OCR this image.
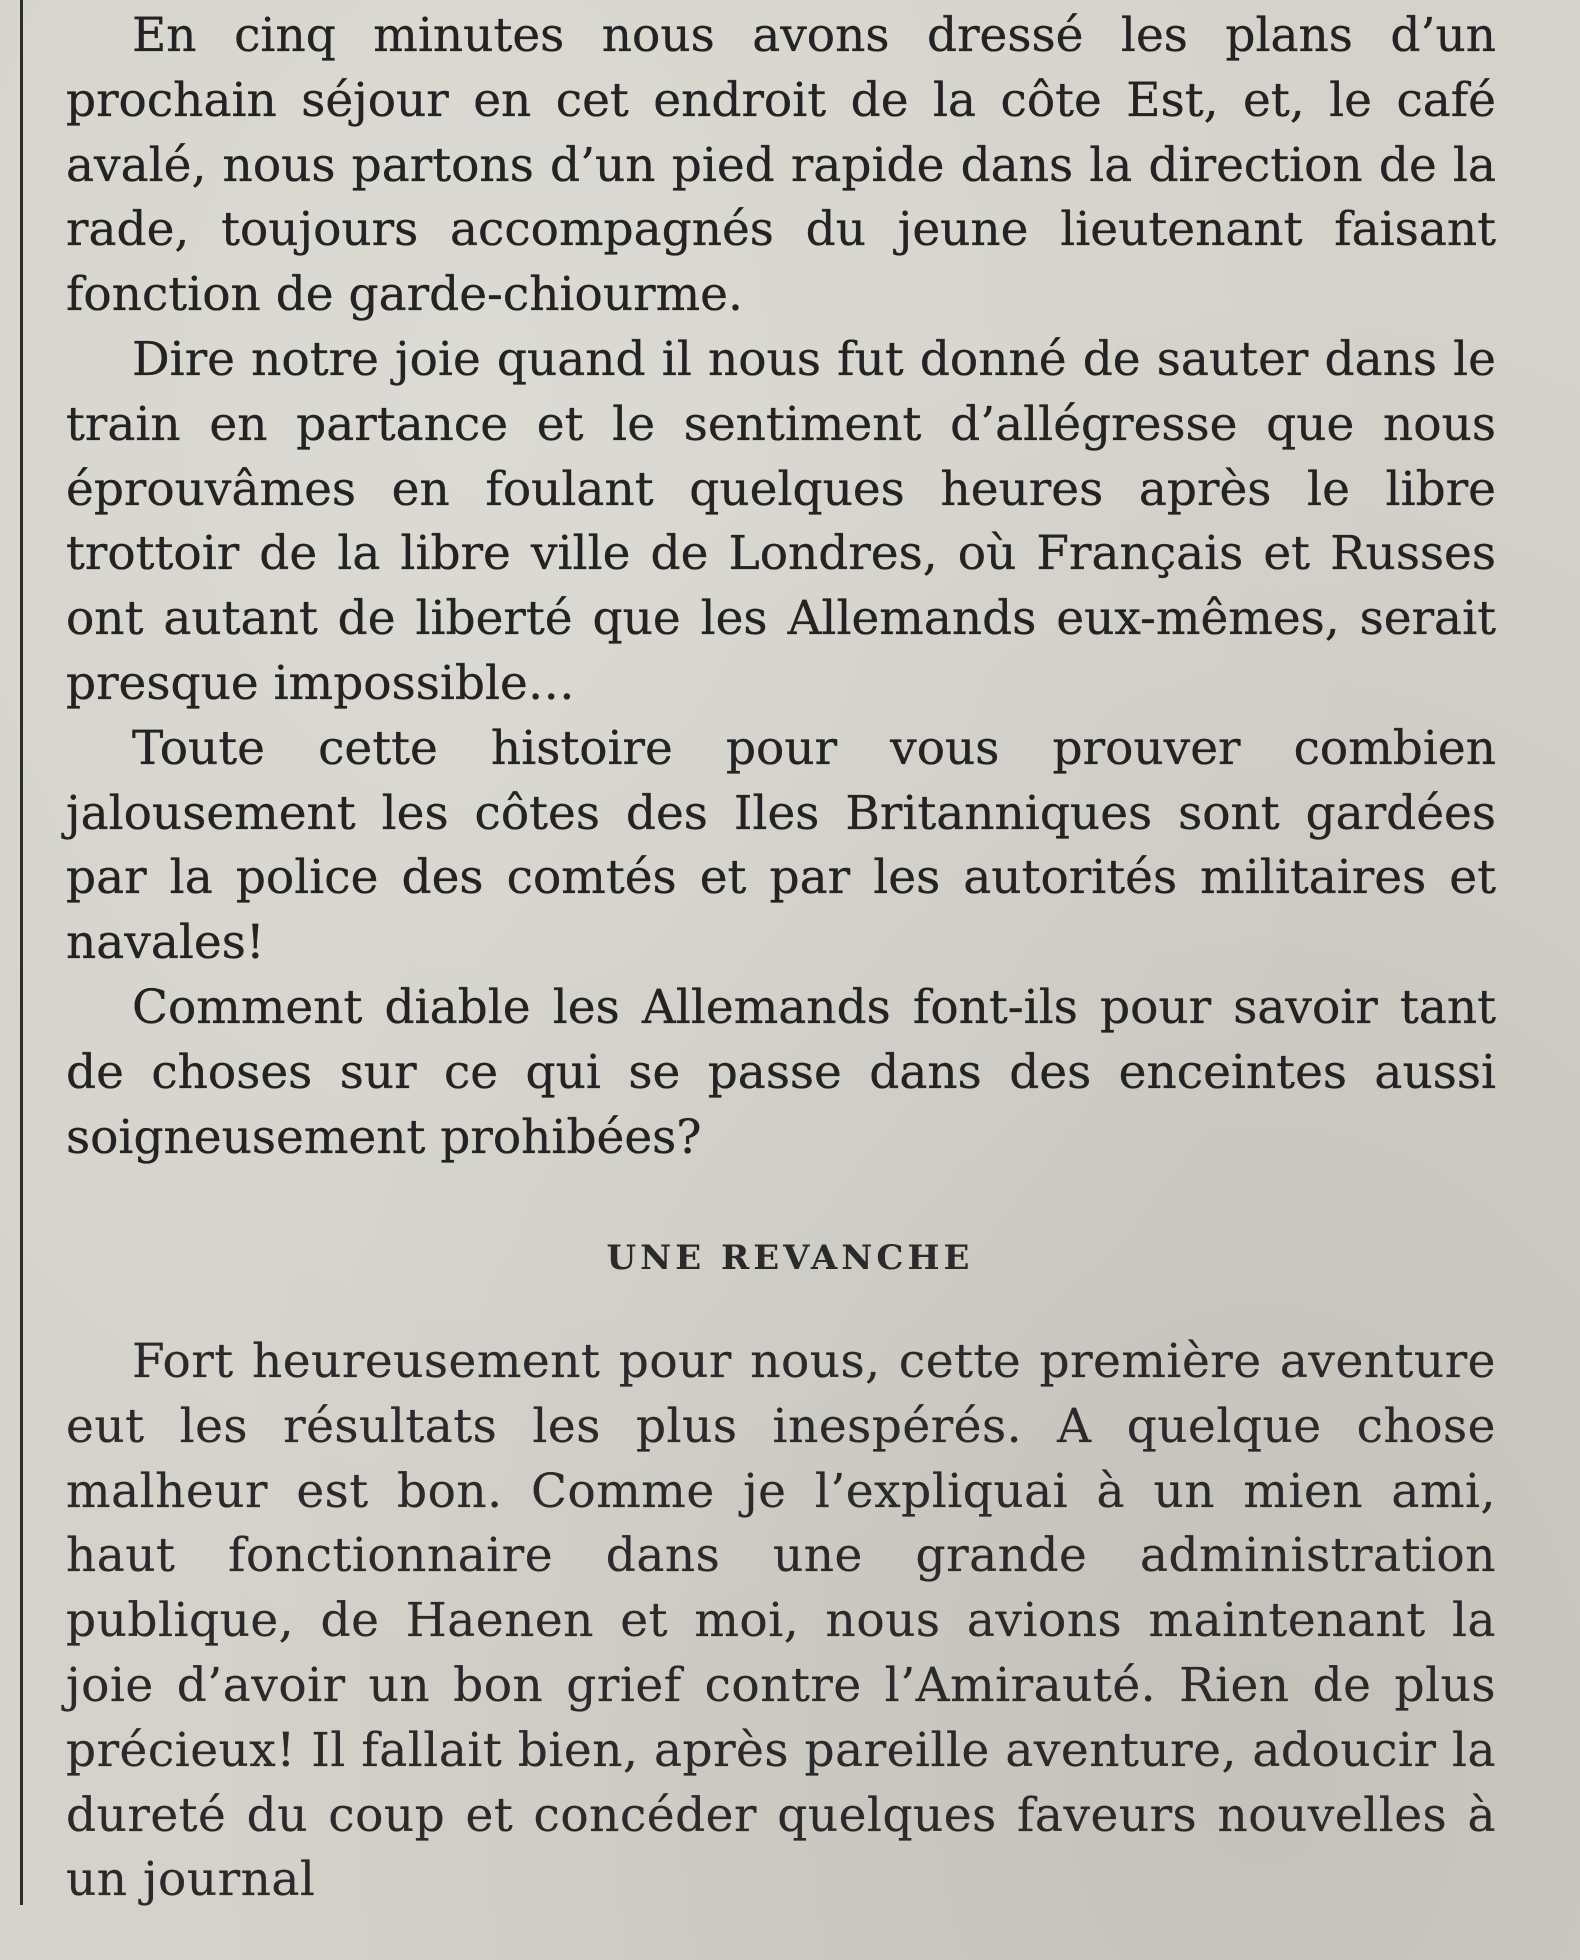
En cinq minutes nous avons dressé les plans d’un prochain séjour en cet endroit de la côte Est, et, le café avalé, nous partons d’un pied rapide dans la direction de la rade, toujours accompagnés du jeune lieutenant faisant fonction de garde-chiourme.

Dire notre joie quand il nous fut donné de sauter dans le train en partance et le sentiment d’allégresse que nous éprouvâmes en foulant quelques heures après le libre trottoir de la libre ville de Londres, où Français et Russes ont autant de liberté que les Allemands eux-mêmes, serait presque impossible…

Toute cette histoire pour vous prouver combien jalousement les côtes des Iles Britanniques sont gardées par la police des comtés et par les autorités militaires et navales!

Comment diable les Allemands font-ils pour savoir tant de choses sur ce qui se passe dans des enceintes aussi soigneusement prohibées?

UNE REVANCHE

Fort heureusement pour nous, cette première aventure eut les résultats les plus inespérés. A quelque chose malheur est bon. Comme je l’expliquai à un mien ami, haut fonctionnaire dans une grande administration publique, de Haenen et moi, nous avions maintenant la joie d’avoir un bon grief contre l’Amirauté. Rien de plus précieux! Il fallait bien, après pareille aventure, adoucir la dureté du coup et concéder quelques faveurs nouvelles à un journal
